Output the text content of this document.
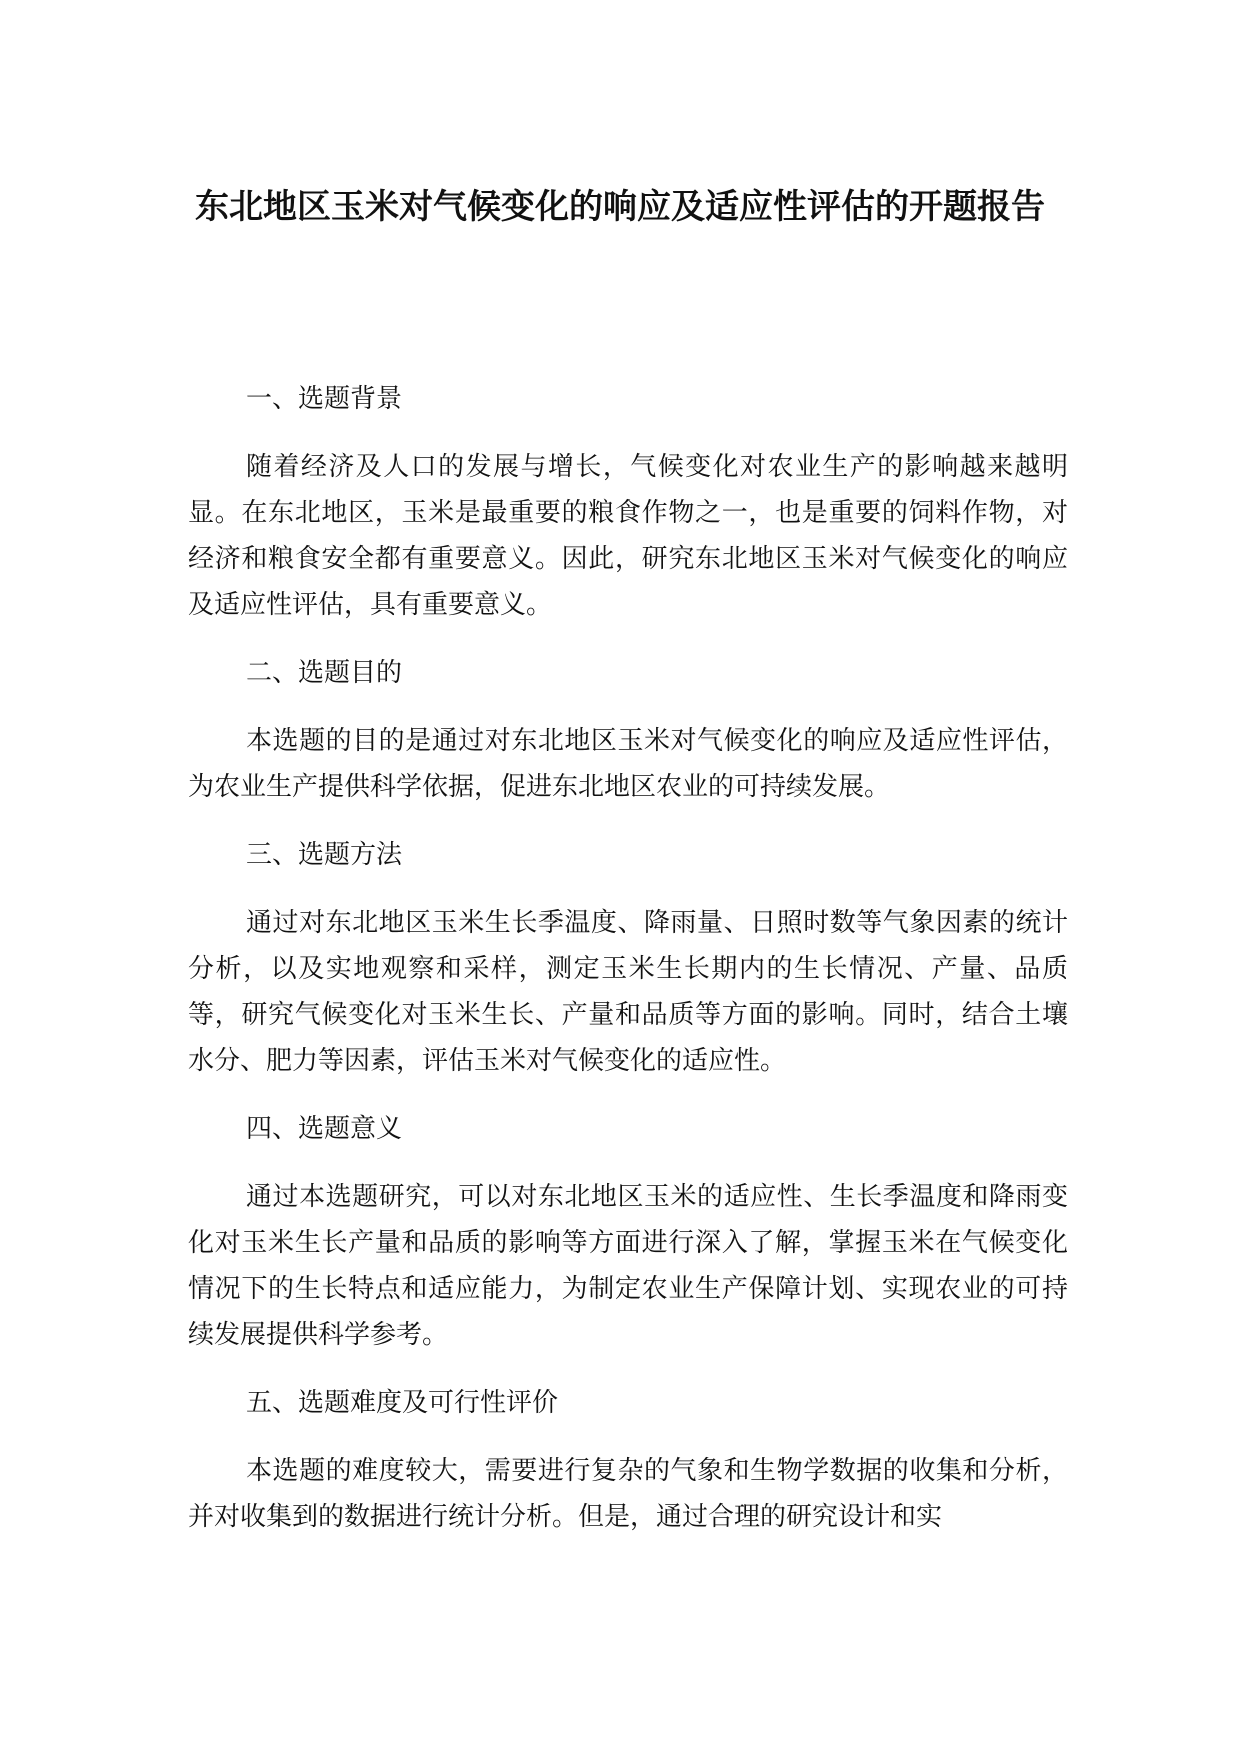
东北地区玉米对气候变化的响应及适应性评估的开题报告
一、选题背景

随着经济及人口的发展与增长，气候变化对农业生产的影响越来越明显。在东北地区，玉米是最重要的粮食作物之一，也是重要的饲料作物，对经济和粮食安全都有重要意义。因此，研究东北地区玉米对气候变化的响应及适应性评估，具有重要意义。

二、选题目的

本选题的目的是通过对东北地区玉米对气候变化的响应及适应性评估，为农业生产提供科学依据，促进东北地区农业的可持续发展。

三、选题方法

通过对东北地区玉米生长季温度、降雨量、日照时数等气象因素的统计分析，以及实地观察和采样，测定玉米生长期内的生长情况、产量、品质等，研究气候变化对玉米生长、产量和品质等方面的影响。同时，结合土壤水分、肥力等因素，评估玉米对气候变化的适应性。

四、选题意义

通过本选题研究，可以对东北地区玉米的适应性、生长季温度和降雨变化对玉米生长产量和品质的影响等方面进行深入了解，掌握玉米在气候变化情况下的生长特点和适应能力，为制定农业生产保障计划、实现农业的可持续发展提供科学参考。

五、选题难度及可行性评价

本选题的难度较大，需要进行复杂的气象和生物学数据的收集和分析，并对收集到的数据进行统计分析。但是，通过合理的研究设计和实
